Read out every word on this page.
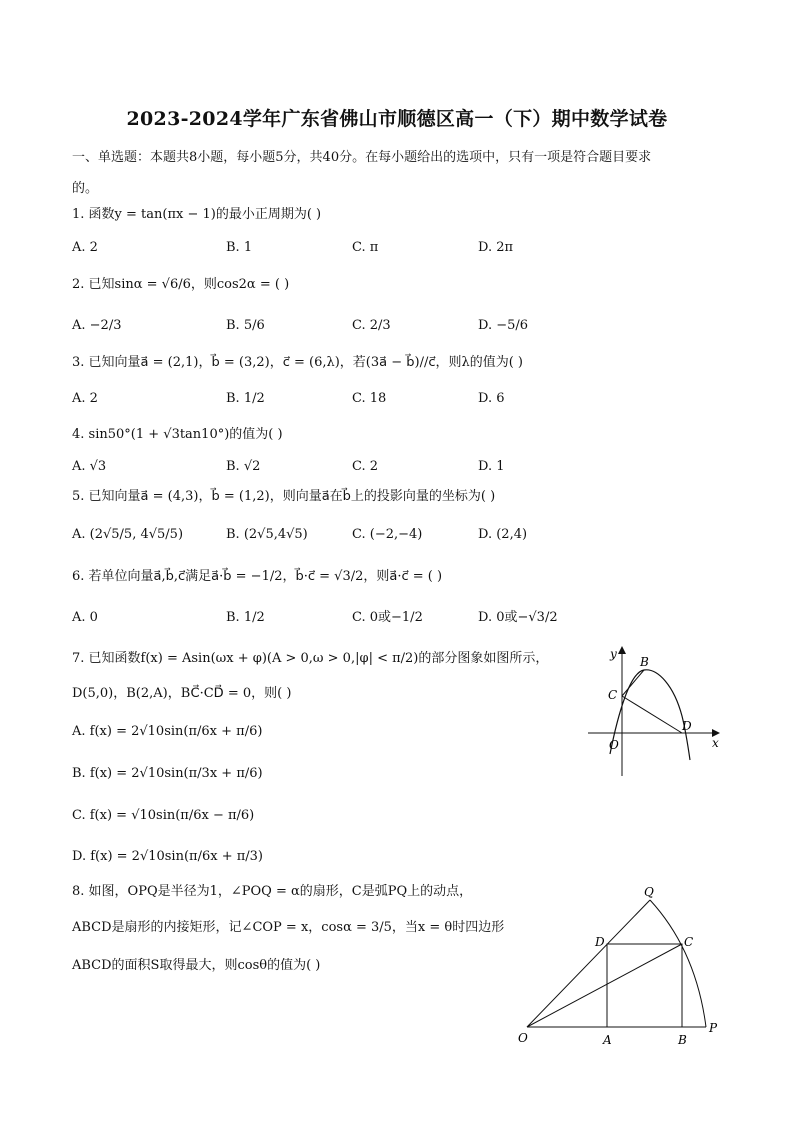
2023-2024学年广东省佛山市顺德区高一（下）期中数学试卷
一、单选题：本题共8小题，每小题5分，共40分。在每小题给出的选项中，只有一项是符合题目要求
的。
1. 函数y = tan(πx − 1)的最小正周期为( )
A. 2	B. 1	C. π	D. 2π
2. 已知sinα = √6/6，则cos2α = ( )
A. −2/3	B. 5/6	C. 2/3	D. −5/6
3. 已知向量a⃗ = (2,1)，b⃗ = (3,2)，c⃗ = (6,λ)，若(3a⃗ − b⃗)//c⃗，则λ的值为( )
A. 2	B. 1/2	C. 18	D. 6
4. sin50°(1 + √3tan10°)的值为( )
A. √3	B. √2	C. 2	D. 1
5. 已知向量a⃗ = (4,3)，b⃗ = (1,2)，则向量a⃗在b⃗上的投影向量的坐标为( )
A. (2√5/5, 4√5/5)	B. (2√5,4√5)	C. (−2,−4)	D. (2,4)
6. 若单位向量a⃗,b⃗,c⃗满足a⃗·b⃗ = −1/2，b⃗·c⃗ = √3/2，则a⃗·c⃗ = ( )
A. 0	B. 1/2	C. 0或−1/2	D. 0或−√3/2
7. 已知函数f(x) = Asin(ωx + φ)(A > 0,ω > 0,|φ| < π/2)的部分图象如图所示，
D(5,0)，B(2,A)，BC⃗·CD⃗ = 0，则( )
A. f(x) = 2√10sin(π/6x + π/6)
B. f(x) = 2√10sin(π/3x + π/6)
C. f(x) = √10sin(π/6x − π/6)
D. f(x) = 2√10sin(π/6x + π/3)
y
x
O
B
C
D
8. 如图，OPQ是半径为1，∠POQ = α的扇形，C是弧PQ上的动点，
ABCD是扇形的内接矩形，记∠COP = x，cosα = 3/5，当x = θ时四边形
ABCD的面积S取得最大，则cosθ的值为( )
Q
D	C
O	A	B
P
